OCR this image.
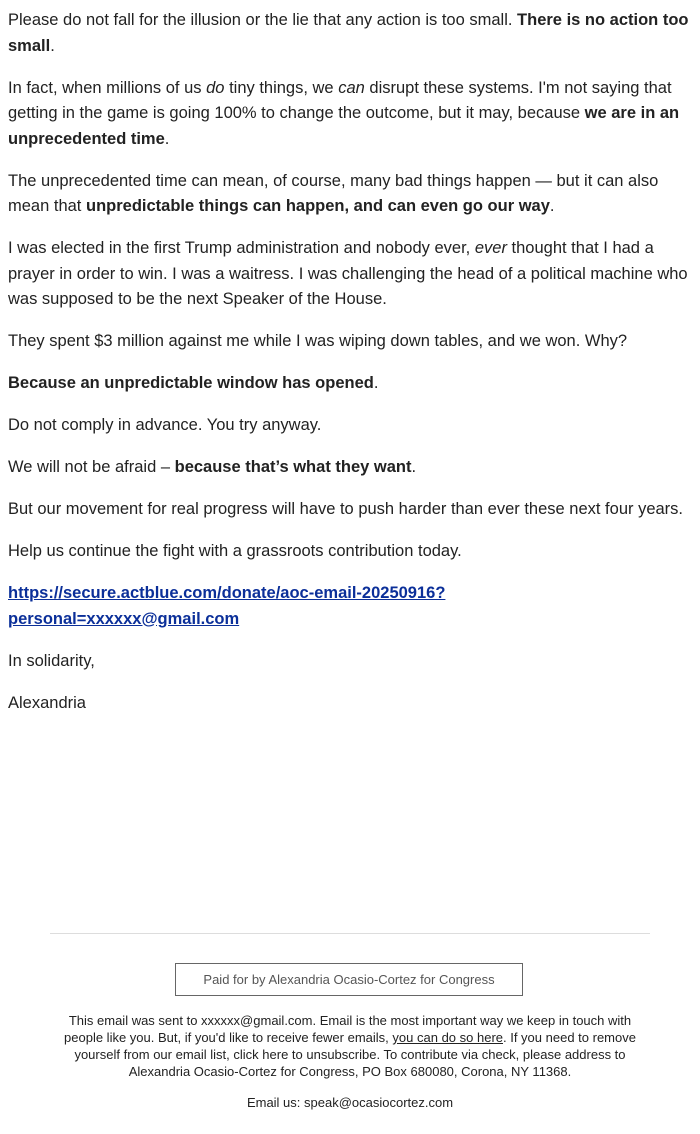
Please do not fall for the illusion or the lie that any action is too small. There is no action too small.

In fact, when millions of us do tiny things, we can disrupt these systems. I'm not saying that getting in the game is going 100% to change the outcome, but it may, because we are in an unprecedented time.

The unprecedented time can mean, of course, many bad things happen — but it can also mean that unpredictable things can happen, and can even go our way.

I was elected in the first Trump administration and nobody ever, ever thought that I had a prayer in order to win. I was a waitress. I was challenging the head of a political machine who was supposed to be the next Speaker of the House.

They spent $3 million against me while I was wiping down tables, and we won. Why?

Because an unpredictable window has opened.

Do not comply in advance. You try anyway.

We will not be afraid – because that’s what they want.

But our movement for real progress will have to push harder than ever these next four years.

Help us continue the fight with a grassroots contribution today.

https://secure.actblue.com/donate/aoc-email-20250916?
personal=xxxxxx@gmail.com

In solidarity,

Alexandria

Paid for by Alexandria Ocasio-Cortez for Congress
This email was sent to xxxxxx@gmail.com. Email is the most important way we keep in touch with people like you. But, if you'd like to receive fewer emails, you can do so here. If you need to remove yourself from our email list, click here to unsubscribe. To contribute via check, please address to Alexandria Ocasio-Cortez for Congress, PO Box 680080, Corona, NY 11368.
Email us: speak@ocasiocortez.com
